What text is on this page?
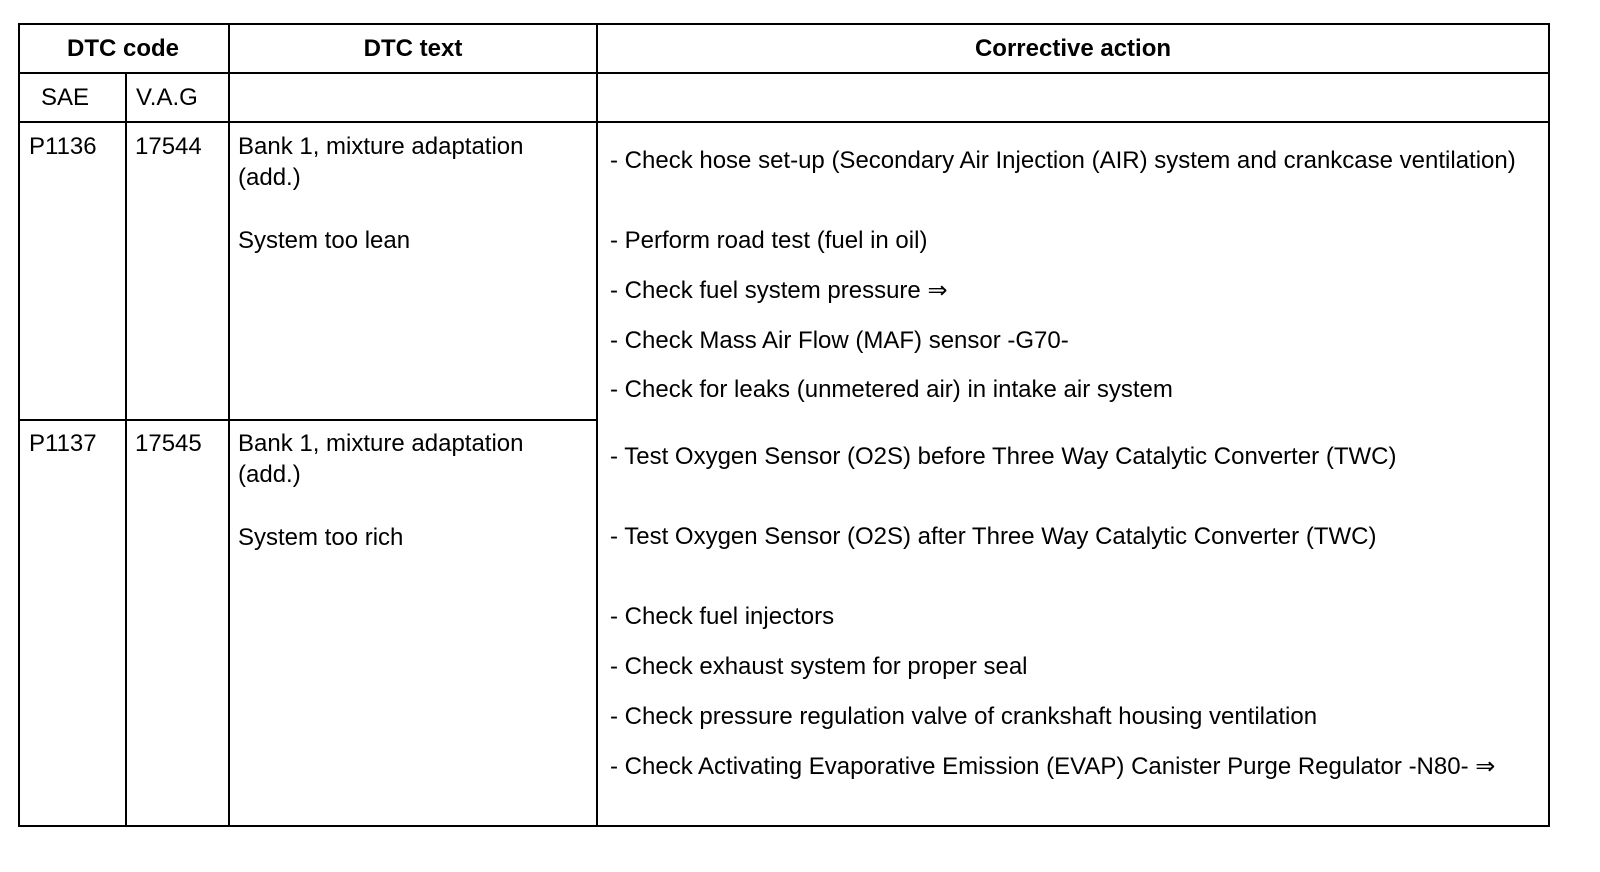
DTC code	DTC text	Corrective action
SAE V.A.G
P1136 17544 Bank 1, mixture adaptation
(add.)
System too lean
P1137 17545 Bank 1, mixture adaptation
(add.)
System too rich
- Check hose set-up (Secondary Air Injection (AIR) system and crankcase ventilation)
- Perform road test (fuel in oil)
- Check fuel system pressure ⇒
- Check Mass Air Flow (MAF) sensor -G70-
- Check for leaks (unmetered air) in intake air system
- Test Oxygen Sensor (O2S) before Three Way Catalytic Converter (TWC)
- Test Oxygen Sensor (O2S) after Three Way Catalytic Converter (TWC)
- Check fuel injectors
- Check exhaust system for proper seal
- Check pressure regulation valve of crankshaft housing ventilation
- Check Activating Evaporative Emission (EVAP) Canister Purge Regulator -N80- ⇒
